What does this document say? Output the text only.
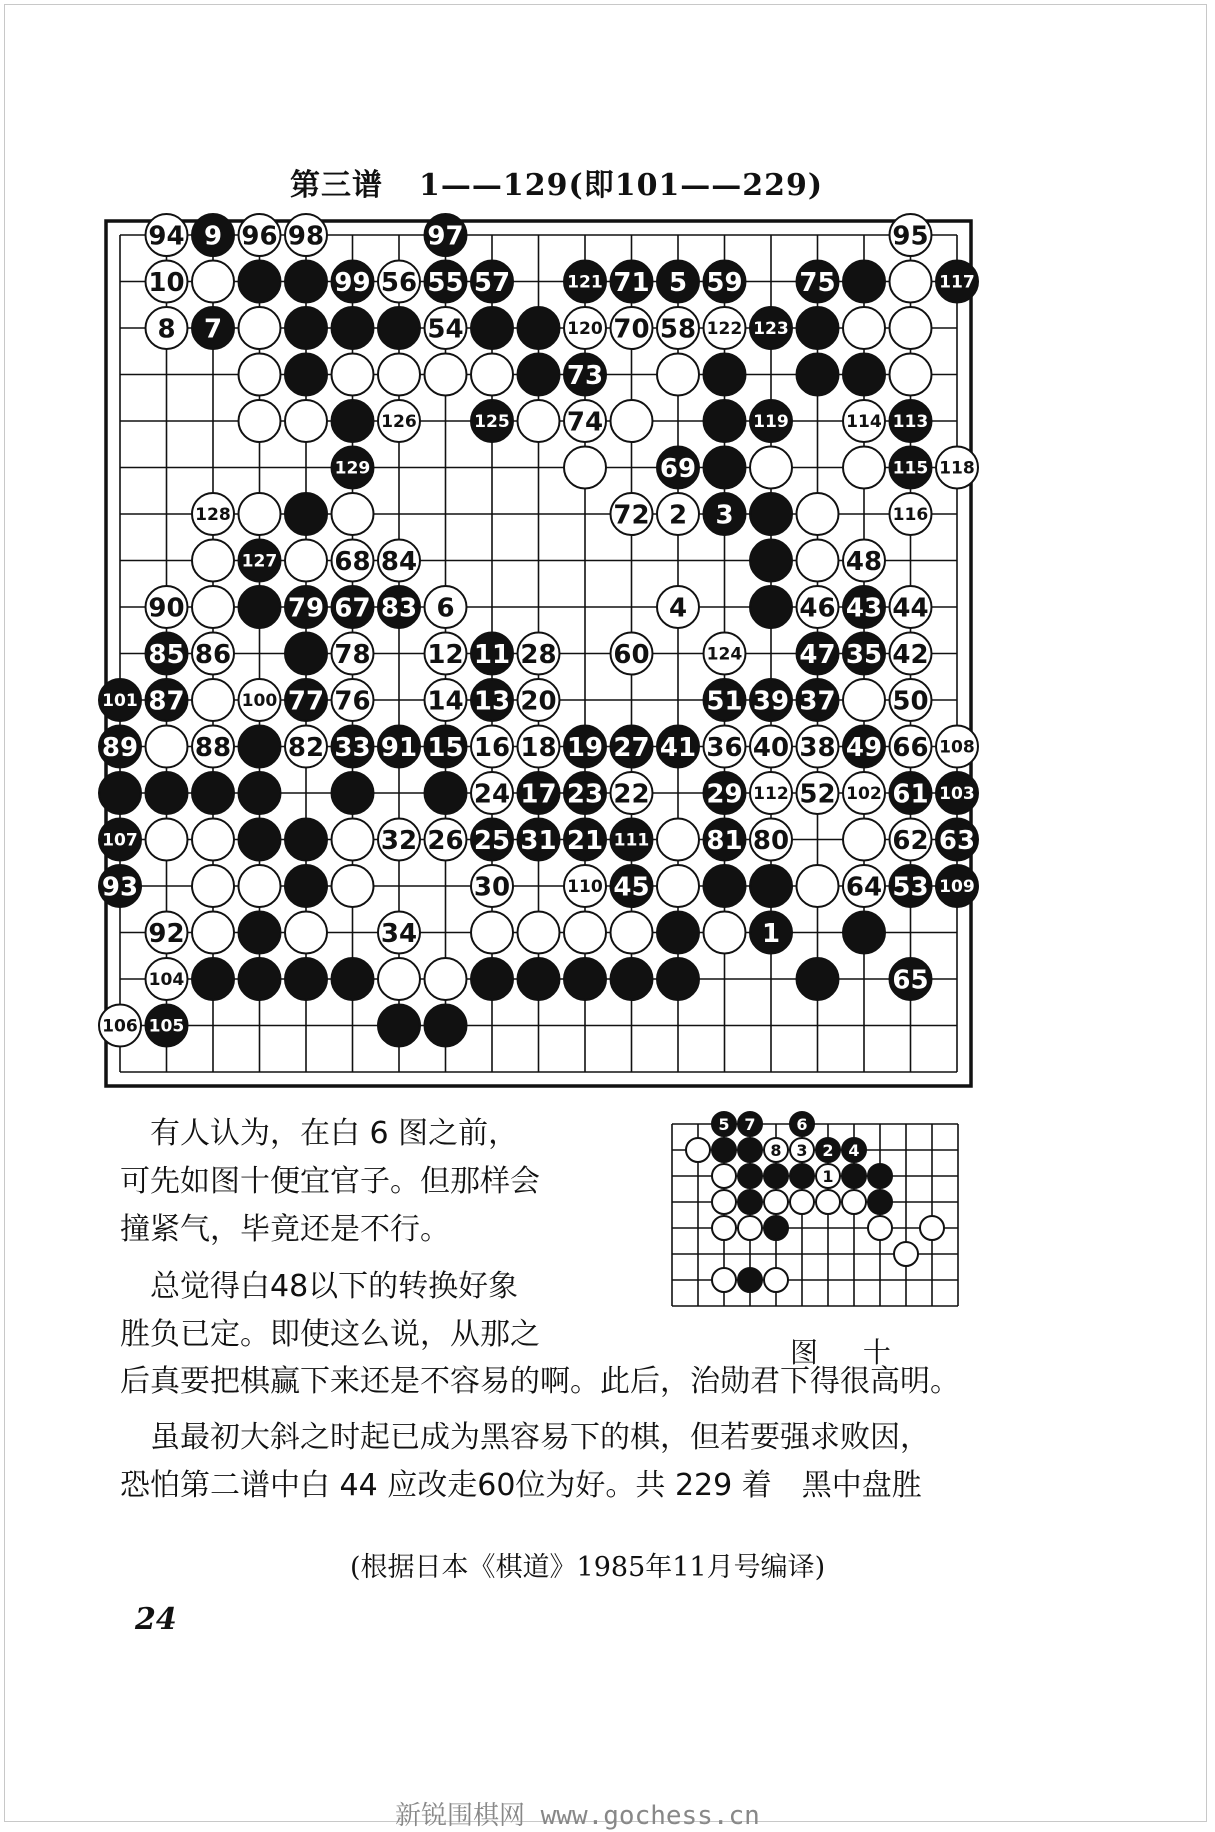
第三谱 1——129(即101——229)
94 9 96 98	97	95
10	99 56 55 57	121 71 5 59 75	117
8 7	54	120 70 58 122 123
73
126	125 74	119	114 113
129	69	115 118
128	72 2 3	116
127 68 84	48
90	79 67 83 6	4	46 43 44
85 86	78 12 11 28 60	124 47 35 42
101 87	100 77 76 14 13 20	51 39 37 50
89 88 82 33 91 15 16 18 19 27 41 36 40 38 49 66 108
24 17 23 22 29 112 52 102 61 103
107	32 26 25 31 21 111 81 80	62 63
93	30	110 45	64 53 109
92	34	1
104	65
106 105
有人认为，在白 6 图之前，
可先如图十便宜官子。但那样会
撞紧气，毕竟还是不行。
总觉得白48以下的转换好象
胜负已定。即使这么说，从那之
后真要把棋赢下来还是不容易的啊。此后，治勋君下得很高明。
虽最初大斜之时起已成为黑容易下的棋，但若要强求败因，
恐怕第二谱中白 44 应改走60位为好。共 229 着　黑中盘胜
5 7	6
8 3 2 4
1
图 十
(根据日本《棋道》1985年11月号编译)
24
新锐围棋网 www.gochess.cn
